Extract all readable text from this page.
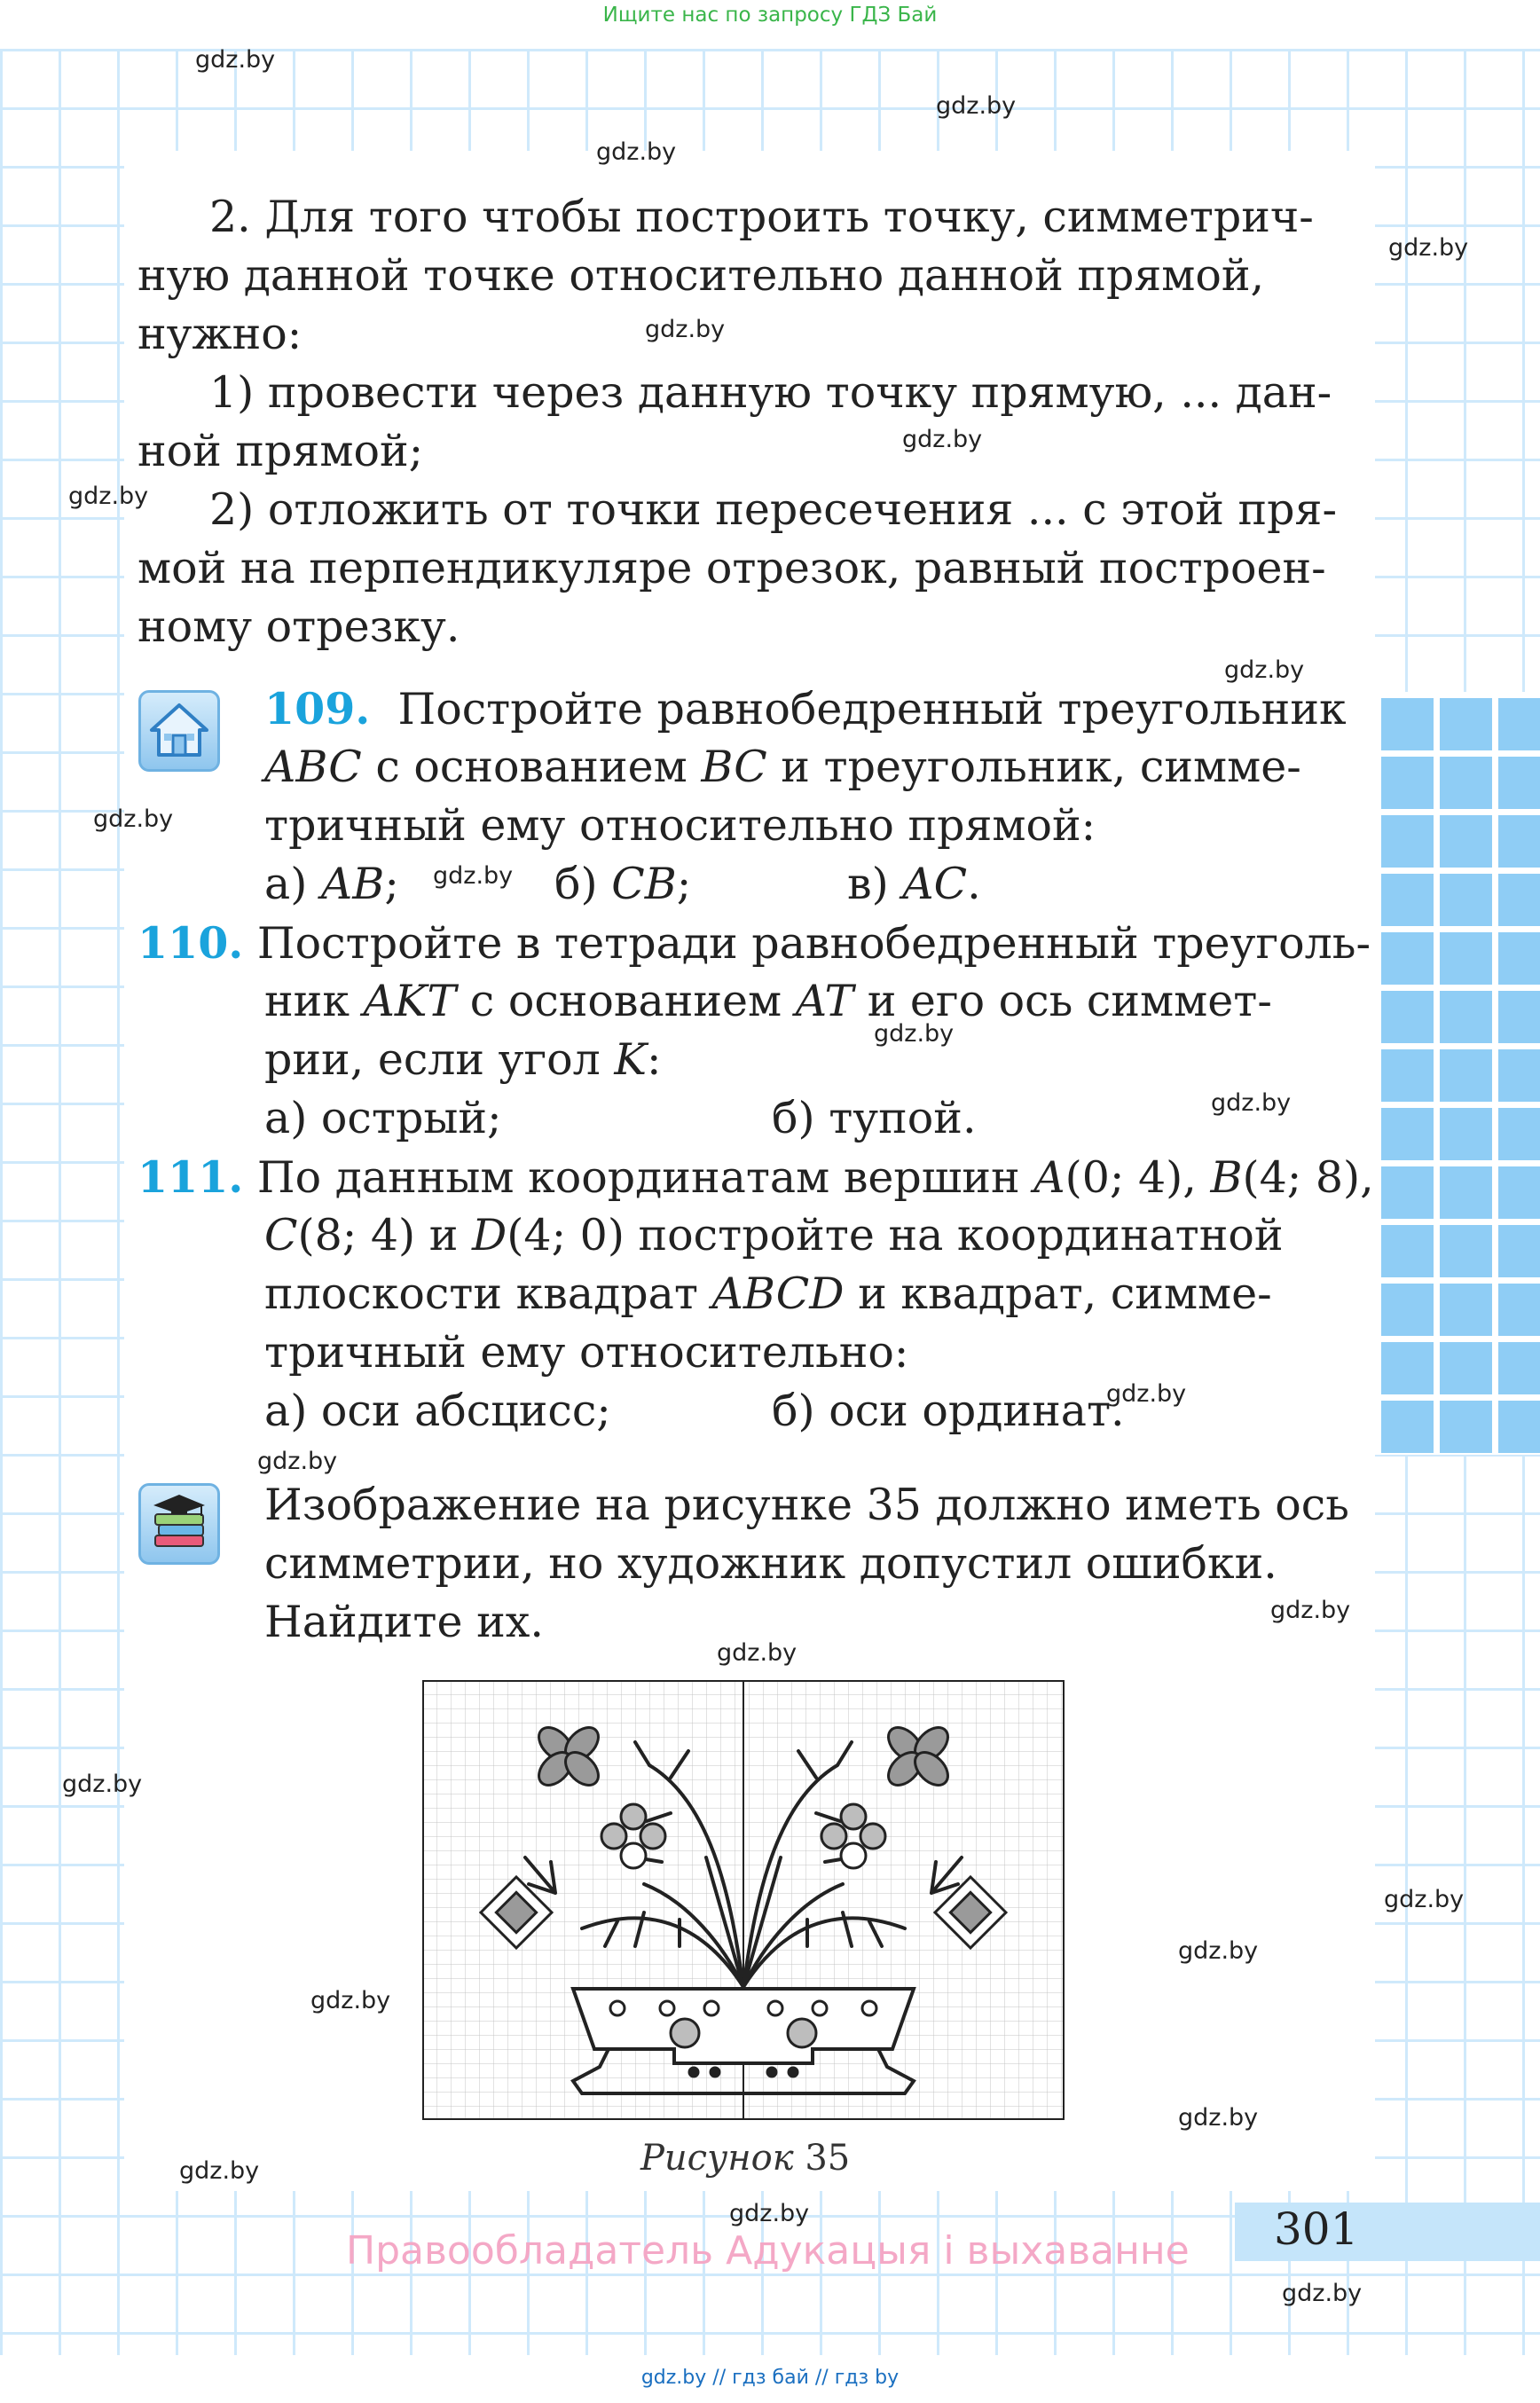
Ищите нас по запросу ГДЗ Бай
gdz.by
gdz.by
gdz.by
gdz.by
gdz.by
gdz.by
gdz.by
gdz.by
gdz.by
gdz.by
gdz.by
gdz.by
gdz.by
gdz.by
gdz.by
gdz.by
gdz.by
gdz.by
gdz.by
gdz.by
gdz.by
gdz.by
gdz.by
gdz.by
2. Для того чтобы построить точку, симметрич-
ную данной точке относительно данной прямой,
нужно:
1) провести через данную точку прямую, ... дан-
ной прямой;
2) отложить от точки пересечения ... с этой пря-
мой на перпендикуляре отрезок, равный построен-
ному отрезку.
109. Постройте равнобедренный треугольник
ABC с основанием BC и треугольник, симме-
тричный ему относительно прямой:
а) AB;	б) CB;	в) AC.
110. Постройте в тетради равнобедренный треуголь-
ник AKT с основанием AT и его ось симмет-
рии, если угол K:
а) острый;	б) тупой.
111. По данным координатам вершин A(0; 4), B(4; 8),
C(8; 4) и D(4; 0) постройте на координатной
плоскости квадрат ABCD и квадрат, симме-
тричный ему относительно:
а) оси абсцисс;	б) оси ординат.
Изображение на рисунке 35 должно иметь ось
симметрии, но художник допустил ошибки.
Найдите их.
Рисунок 35
301
Правообладатель Адукацыя і выхаванне
gdz.by // гдз бай // гдз by
